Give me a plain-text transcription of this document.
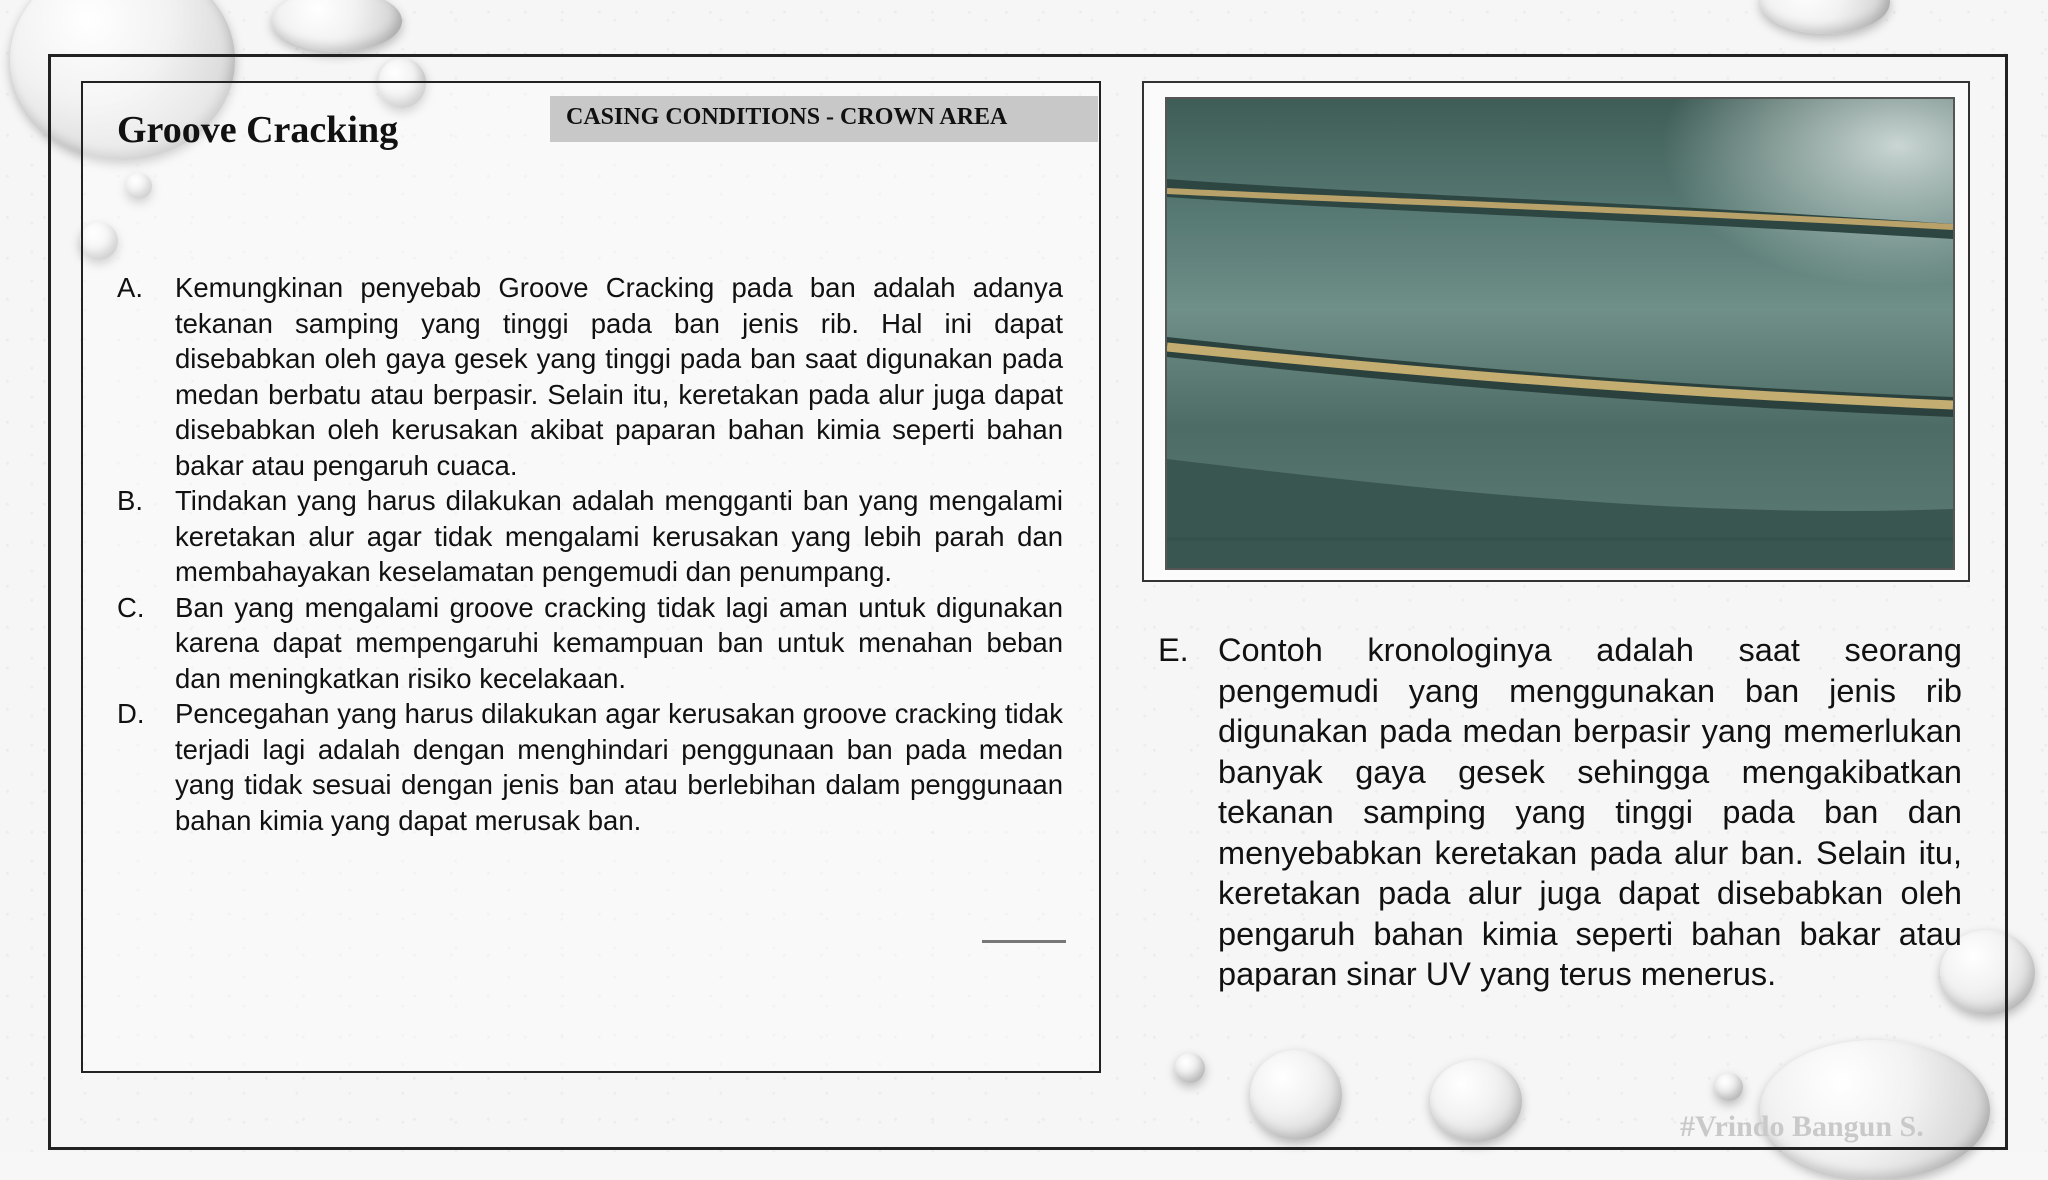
Groove Cracking	CASING CONDITIONS - CROWN AREA
A.	Kemungkinan penyebab Groove Cracking pada ban adalah adanya tekanan samping yang tinggi pada ban jenis rib. Hal ini dapat disebabkan oleh gaya gesek yang tinggi pada ban saat digunakan pada medan berbatu atau berpasir. Selain itu, keretakan pada alur juga dapat disebabkan oleh kerusakan akibat paparan bahan kimia seperti bahan bakar atau pengaruh cuaca.
B.	Tindakan yang harus dilakukan adalah mengganti ban yang mengalami keretakan alur agar tidak mengalami kerusakan yang lebih parah dan membahayakan keselamatan pengemudi dan penumpang.
C.	Ban yang mengalami groove cracking tidak lagi aman untuk digunakan karena dapat mempengaruhi kemampuan ban untuk menahan beban dan meningkatkan risiko kecelakaan.
D.	Pencegahan yang harus dilakukan agar kerusakan groove cracking tidak terjadi lagi adalah dengan menghindari penggunaan ban pada medan yang tidak sesuai dengan jenis ban atau berlebihan dalam penggunaan bahan kimia yang dapat merusak ban.
E. Contoh kronologinya adalah saat seorang pengemudi yang menggunakan ban jenis rib digunakan pada medan berpasir yang memerlukan banyak gaya gesek sehingga mengakibatkan tekanan samping yang tinggi pada ban dan menyebabkan keretakan pada alur ban. Selain itu, keretakan pada alur juga dapat disebabkan oleh pengaruh bahan kimia seperti bahan bakar atau paparan sinar UV yang terus menerus.
#Vrindo Bangun S.
